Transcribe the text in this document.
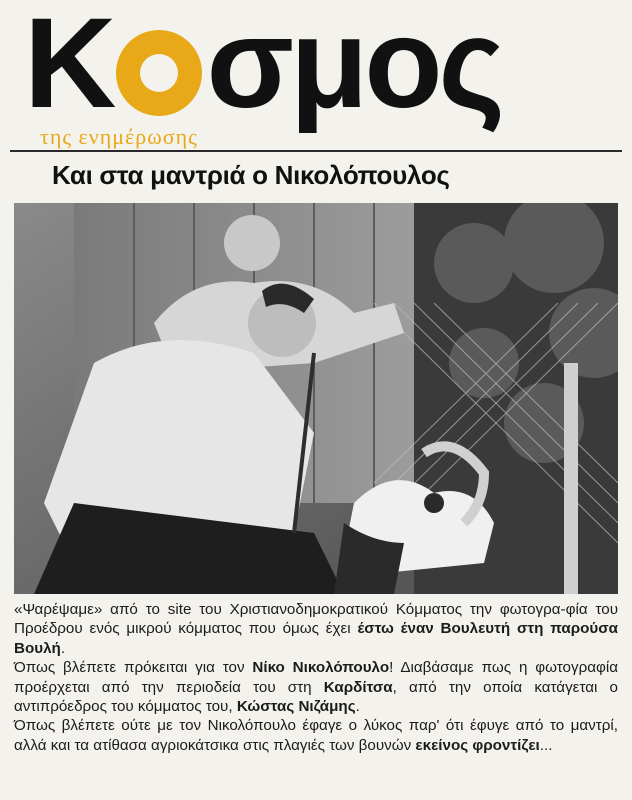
Κ σμος
της ενημέρωσης
Και στα μαντριά ο Νικολόπουλος

«Ψαρέψαμε» από το site του Χριστιανοδημοκρατικού Κόμματος την φωτογρα-φία του Προέδρου ενός μικρού κόμματος που όμως έχει έστω έναν Βουλευτή στη παρούσα Βουλή.

Όπως βλέπετε πρόκειται για τον Νίκο Νικολόπουλο! Διαβάσαμε πως η φωτογραφία προέρχεται από την περιοδεία του στη Καρδίτσα, από την οποία κατάγεται ο αντιπρόεδρος του κόμματος του, Κώστας Νιζάμης.

Όπως βλέπετε ούτε με τον Νικολόπουλο έφαγε ο λύκος παρ' ότι έφυγε από το μαντρί, αλλά και τα ατίθασα αγριοκάτσικα στις πλαγιές των βουνών εκείνος φροντίζει...
